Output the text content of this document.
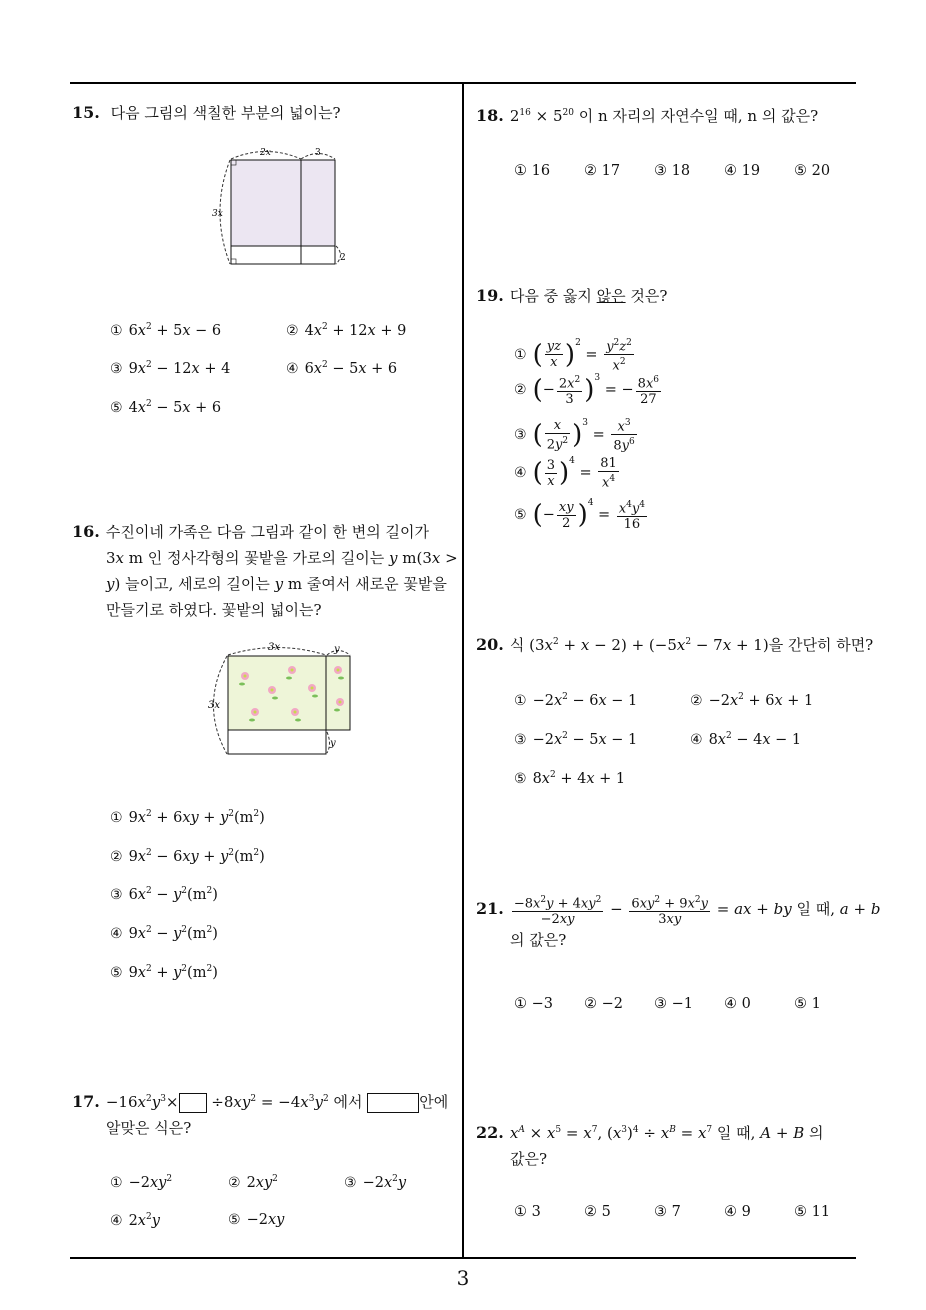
15. 다음 그림의 색칠한 부분의 넓이는?
2x	3
3x
2
① $6x^2 + 5x - 6$	② $4x^2 + 12x + 9$
③ $9x^2 - 12x + 4$	④ $6x^2 - 5x + 6$
⑤ $4x^2 - 5x + 6$
16. 수진이네 가족은 다음 그림과 같이 한 변의 길이가
3x m 인 정사각형의 꽃밭을 가로의 길이는 y m(3x >
y) 늘이고, 세로의 길이는 y m 줄여서 새로운 꽃밭을
만들기로 하였다. 꽃밭의 넓이는?
3x	y
3x
y
① $9x^2 + 6xy + y^2(m^2)$
② $9x^2 - 6xy + y^2(m^2)$
③ $6x^2 - y^2(m^2)$
④ $9x^2 - y^2(m^2)$
⑤ $9x^2 + y^2(m^2)$
17. $-16x^2y^3\times \div 8xy^2 = -4x^3y^2$ 에서	안에
알맞은 식은?
① $-2xy^2$	② $2xy^2$	③ $-2x^2y$
④ $2x^2y$	⑤ −2xy
18. $2^{16} \times 5^{20}$ 이 n 자리의 자연수일 때, n 의 값은?
① 16 ② 17 ③ 18 ④ 19 ⑤ 20
19. 다음 중 옳지 않은 것은?
① ( $\frac{yz}{x} )^2 = \frac{y^2z^2}{x^2}$
② (− $\frac{2x^2}{3} )^3$ = − $\frac{8x^6}{27}$
③ ( $\frac{x}{2y^2} )^3 = \frac{x^3}{8y^6}$
④ ( $\frac{3}{x} )^4 = \frac{81}{x^4}$
⑤ (− $\frac{xy}{2} )^4 = \frac{x^4y^4}{16}$
20. 식 $(3x^2 + x - 2) + (-5x^2 - 7x + 1)$을 간단히 하면?
① $-2x^2 - 6x - 1$	② $-2x^2 + 6x + 1$
③ $-2x^2 - 5x - 1$	④ $8x^2 - 4x - 1$
⑤ $8x^2 + 4x + 1$
21. $\frac{-8x^2y + 4xy^2}{-2xy} - \frac{6xy^2 + 9x^2y}{3xy}$ = ax + by 일 때, a + b
의 값은?
① −3 ② −2 ③ −1 ④ 0	⑤ 1
22. $x^A \times x^5 = x^7$, $(x^3)^4 \div x^B = x^7$ 일 때, A + B 의
값은?
① 3	② 5	③ 7	④ 9	⑤ 11
3
